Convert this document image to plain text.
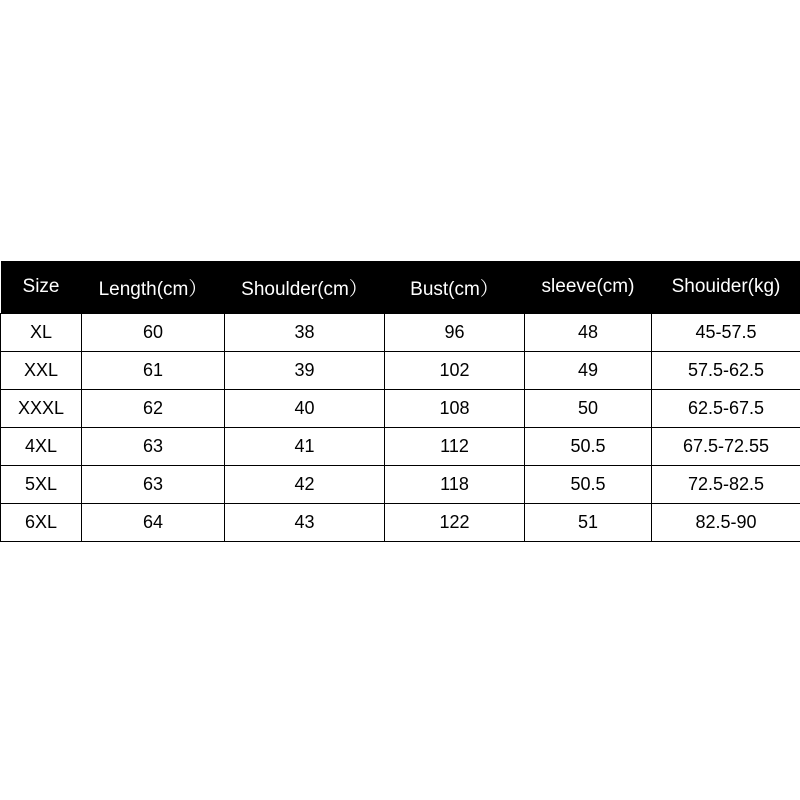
Size	Length(cm）	Shoulder(cm）	Bust(cm）	sleeve(cm)	Shouider(kg)
XL	60	38	96	48	45-57.5
XXL	61	39	102	49	57.5-62.5
XXXL	62	40	108	50	62.5-67.5
4XL	63	41	112	50.5	67.5-72.55
5XL	63	42	118	50.5	72.5-82.5
6XL	64	43	122	51	82.5-90
